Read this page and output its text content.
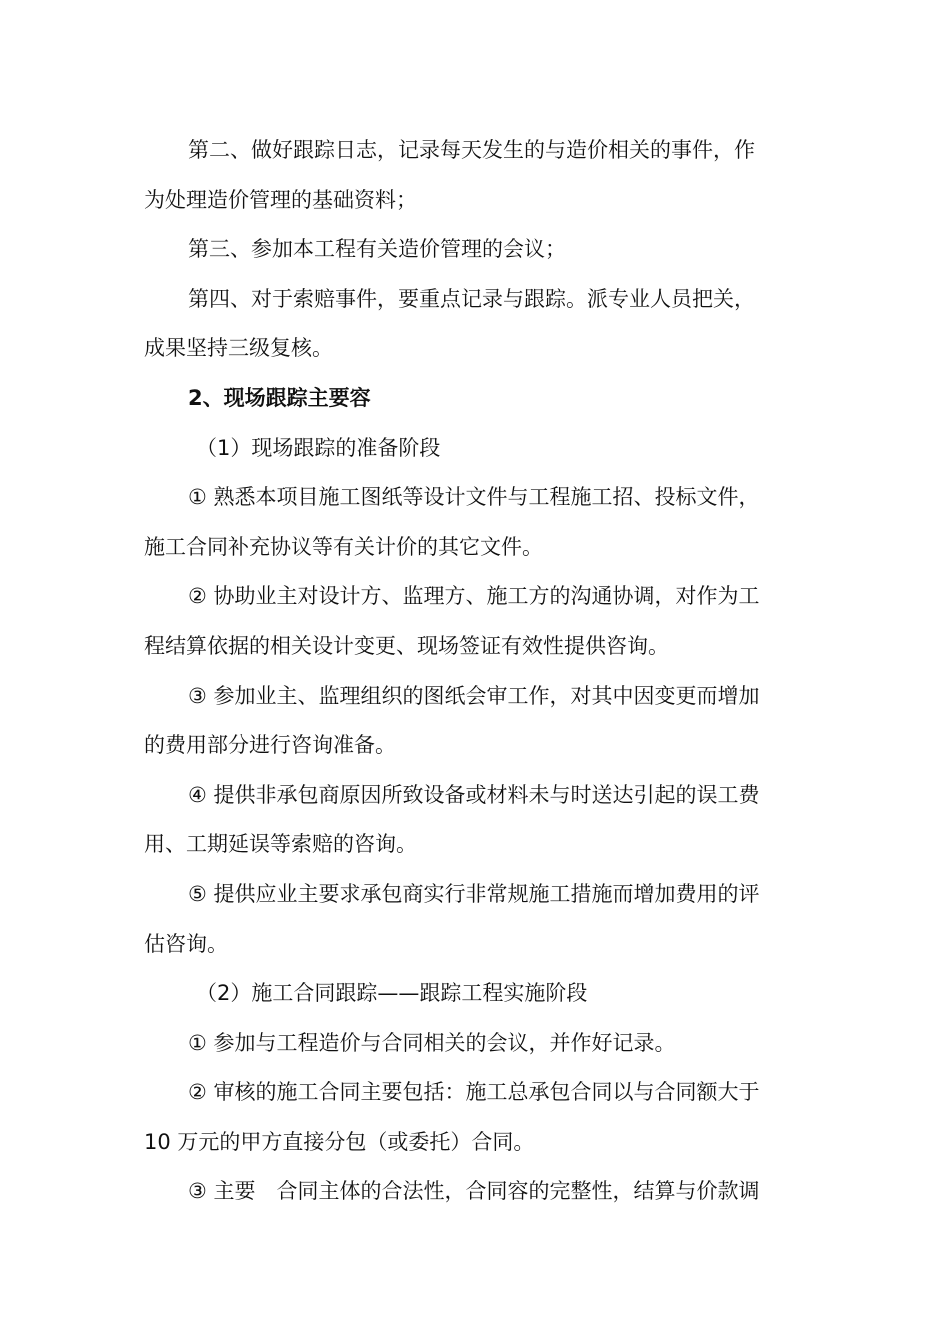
第二、做好跟踪日志，记录每天发生的与造价相关的事件，作
为处理造价管理的基础资料；
第三、参加本工程有关造价管理的会议；
第四、对于索赔事件，要重点记录与跟踪。派专业人员把关，
成果坚持三级复核。
2、现场跟踪主要容
（1）现场跟踪的准备阶段
① 熟悉本项目施工图纸等设计文件与工程施工招、投标文件，
施工合同补充协议等有关计价的其它文件。
② 协助业主对设计方、监理方、施工方的沟通协调，对作为工
程结算依据的相关设计变更、现场签证有效性提供咨询。
③ 参加业主、监理组织的图纸会审工作，对其中因变更而增加
的费用部分进行咨询准备。
④ 提供非承包商原因所致设备或材料未与时送达引起的误工费
用、工期延误等索赔的咨询。
⑤ 提供应业主要求承包商实行非常规施工措施而增加费用的评
估咨询。
（2）施工合同跟踪——跟踪工程实施阶段
① 参加与工程造价与合同相关的会议，并作好记录。
② 审核的施工合同主要包括：施工总承包合同以与合同额大于
10 万元的甲方直接分包（或委托）合同。
③ 主要　合同主体的合法性，合同容的完整性，结算与价款调
